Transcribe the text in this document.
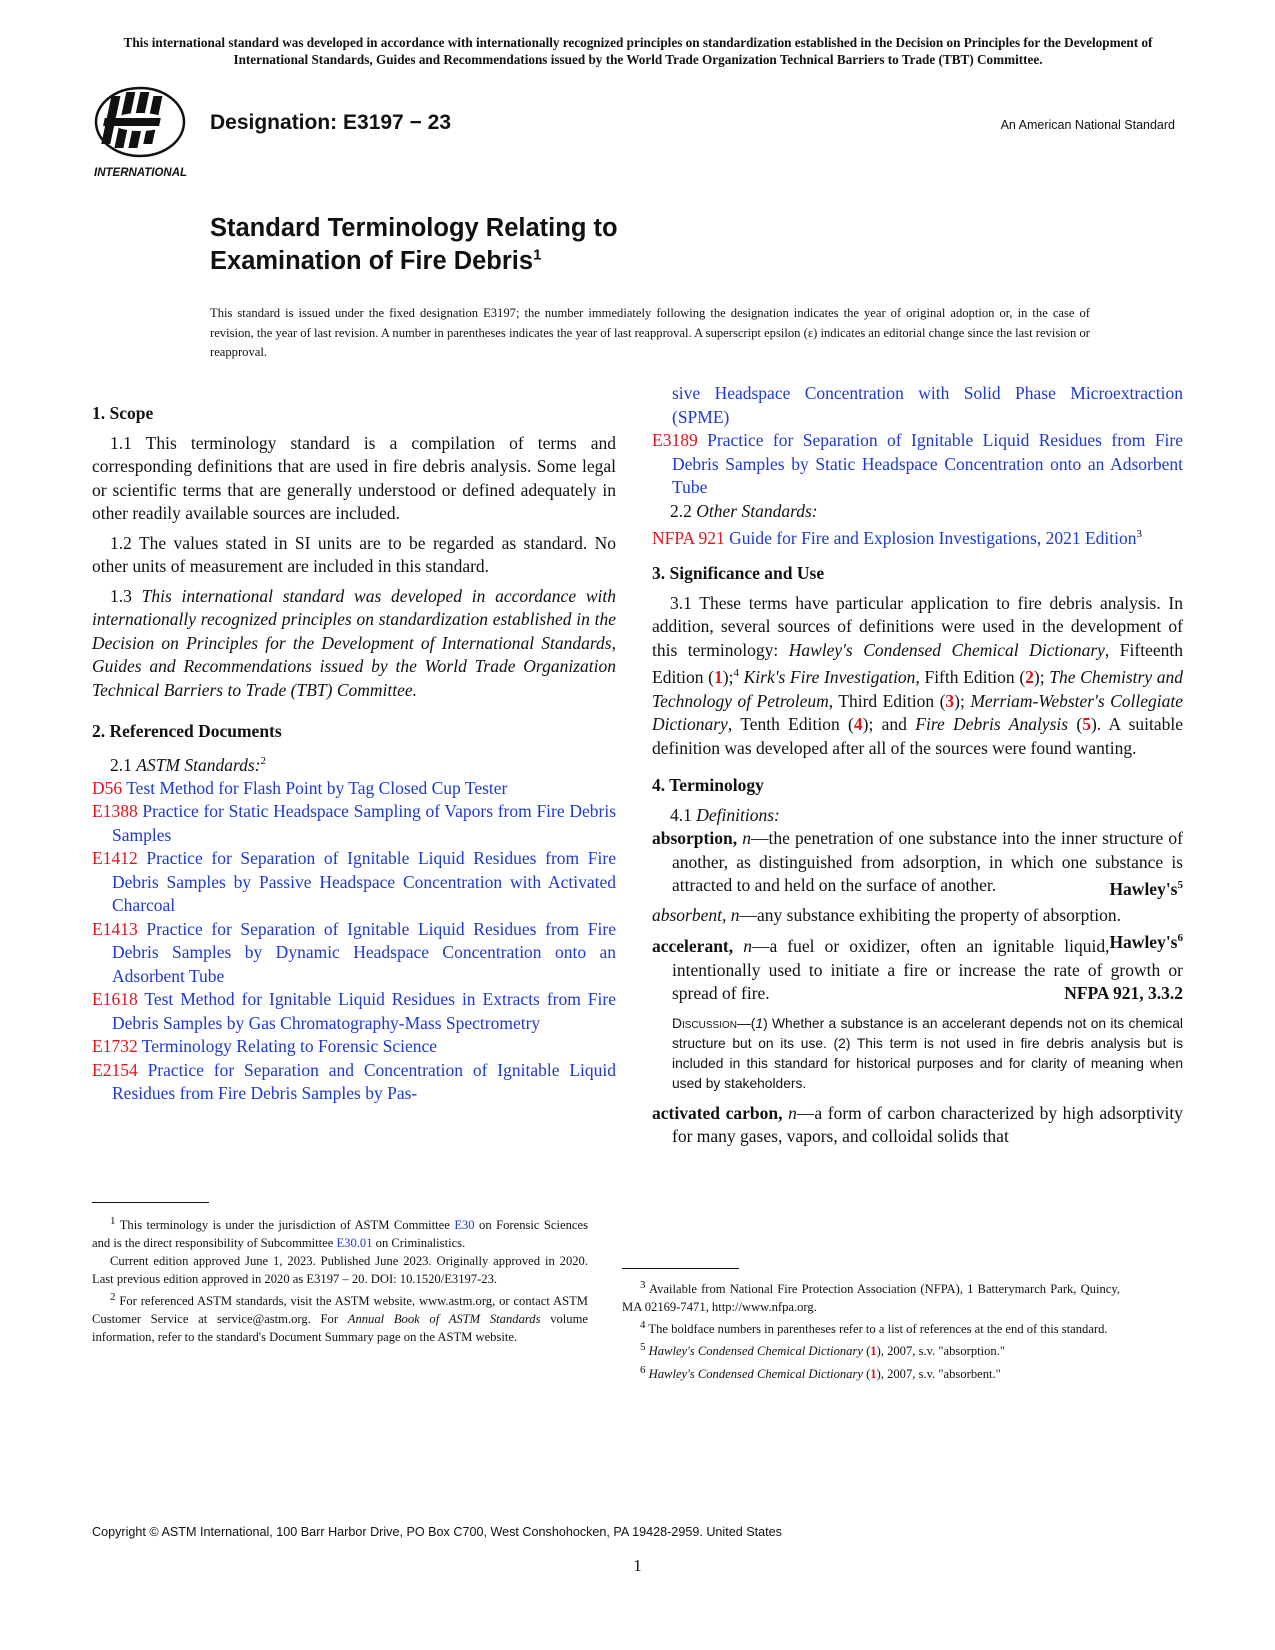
This international standard was developed in accordance with internationally recognized principles on standardization established in the Decision on Principles for the Development of International Standards, Guides and Recommendations issued by the World Trade Organization Technical Barriers to Trade (TBT) Committee.
INTERNATIONAL
Designation: E3197 − 23	An American National Standard
Standard Terminology Relating to
Examination of Fire Debris$^1$
This standard is issued under the fixed designation E3197; the number immediately following the designation indicates the year of original adoption or, in the case of revision, the year of last revision. A number in parentheses indicates the year of last reapproval. A superscript epsilon (ε) indicates an editorial change since the last revision or reapproval.

1. Scope

1.1 This terminology standard is a compilation of terms and corresponding definitions that are used in fire debris analysis. Some legal or scientific terms that are generally understood or defined adequately in other readily available sources are included.

1.2 The values stated in SI units are to be regarded as standard. No other units of measurement are included in this standard.

1.3 This international standard was developed in accordance with internationally recognized principles on standardization established in the Decision on Principles for the Development of International Standards, Guides and Recommendations issued by the World Trade Organization Technical Barriers to Trade (TBT) Committee.

2. Referenced Documents

2.1 ASTM Standards:$^2$

D56 Test Method for Flash Point by Tag Closed Cup Tester

E1388 Practice for Static Headspace Sampling of Vapors from Fire Debris Samples

E1412 Practice for Separation of Ignitable Liquid Residues from Fire Debris Samples by Passive Headspace Concentration with Activated Charcoal

E1413 Practice for Separation of Ignitable Liquid Residues from Fire Debris Samples by Dynamic Headspace Concentration onto an Adsorbent Tube

E1618 Test Method for Ignitable Liquid Residues in Extracts from Fire Debris Samples by Gas Chromatography-Mass Spectrometry

E1732 Terminology Relating to Forensic Science

E2154 Practice for Separation and Concentration of Ignitable Liquid Residues from Fire Debris Samples by Pas-

$^1$ This terminology is under the jurisdiction of ASTM Committee E30 on Forensic Sciences and is the direct responsibility of Subcommittee E30.01 on Criminalistics.

Current edition approved June 1, 2023. Published June 2023. Originally approved in 2020. Last previous edition approved in 2020 as E3197 – 20. DOI: 10.1520/E3197-23.

$^2$ For referenced ASTM standards, visit the ASTM website, www.astm.org, or contact ASTM Customer Service at service@astm.org. For Annual Book of ASTM Standards volume information, refer to the standard's Document Summary page on the ASTM website.

sive Headspace Concentration with Solid Phase Microextraction (SPME)

E3189 Practice for Separation of Ignitable Liquid Residues from Fire Debris Samples by Static Headspace Concentration onto an Adsorbent Tube

2.2 Other Standards:

NFPA 921 Guide for Fire and Explosion Investigations, 2021 Edition$^3$

3. Significance and Use

3.1 These terms have particular application to fire debris analysis. In addition, several sources of definitions were used in the development of this terminology: Hawley's Condensed Chemical Dictionary, Fifteenth Edition (1);$^4$ Kirk's Fire Investigation, Fifth Edition (2); The Chemistry and Technology of Petroleum, Third Edition (3); Merriam-Webster's Collegiate Dictionary, Tenth Edition (4); and Fire Debris Analysis (5). A suitable definition was developed after all of the sources were found wanting.

4. Terminology

4.1 Definitions:

absorption, n—the penetration of one substance into the inner structure of another, as distinguished from adsorption, in which one substance is attracted to and held on the surface of another.	$Hawley's^5$

absorbent, n—any substance exhibiting the property of absorption.
$Hawley's^6$

accelerant, n—a fuel or oxidizer, often an ignitable liquid, intentionally used to initiate a fire or increase the rate of growth or spread of fire.	NFPA 921, 3.3.2

Discussion—(1) Whether a substance is an accelerant depends not on its chemical structure but on its use. (2) This term is not used in fire debris analysis but is included in this standard for historical purposes and for clarity of meaning when used by stakeholders.

activated carbon, n—a form of carbon characterized by high adsorptivity for many gases, vapors, and colloidal solids that

$^3$ Available from National Fire Protection Association (NFPA), 1 Batterymarch Park, Quincy, MA 02169-7471, http://www.nfpa.org.

$^4$ The boldface numbers in parentheses refer to a list of references at the end of this standard.

$^5$ Hawley's Condensed Chemical Dictionary (1), 2007, s.v. "absorption."

$^6$ Hawley's Condensed Chemical Dictionary (1), 2007, s.v. "absorbent."

Copyright © ASTM International, 100 Barr Harbor Drive, PO Box C700, West Conshohocken, PA 19428-2959. United States
1
